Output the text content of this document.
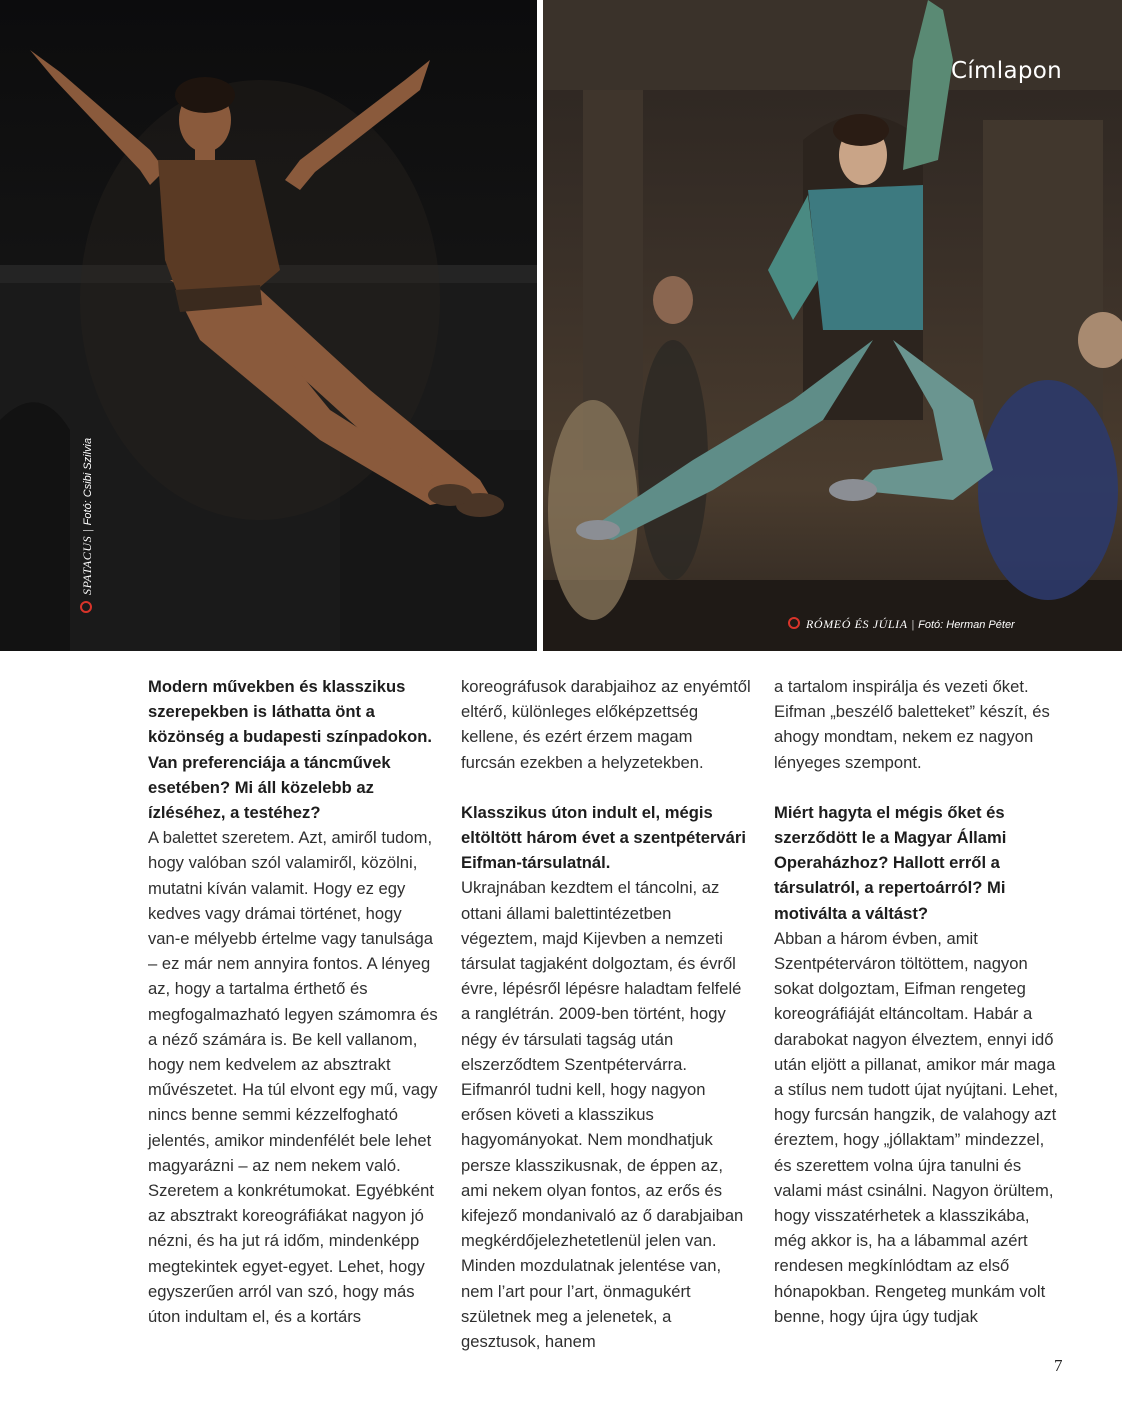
SPATACUS|Fotó: Csibi Szilvia
Címlapon
RÓMEÓ ÉS JÚLIA | Fotó: Herman Péter

Modern művekben és klasszikus szerepekben is láthatta önt a közönség a budapesti színpadokon. Van preferenciája a táncművek esetében? Mi áll közelebb az ízléséhez, a testéhez?

A balettet szeretem. Azt, amiről tudom, hogy valóban szól valamiről, közölni, mutatni kíván valamit. Hogy ez egy kedves vagy drámai történet, hogy van-e mélyebb értelme vagy tanulsága – ez már nem annyira fontos. A lényeg az, hogy a tartalma érthető és megfogalmazható legyen számomra és a néző számára is. Be kell vallanom, hogy nem kedvelem az absztrakt művészetet. Ha túl elvont egy mű, vagy nincs benne semmi kézzelfogható jelentés, amikor mindenfélét bele lehet magyarázni – az nem nekem való. Szeretem a konkrétumokat. Egyébként az absztrakt koreográfiákat nagyon jó nézni, és ha jut rá időm, mindenképp megtekintek egyet-egyet. Lehet, hogy egyszerűen arról van szó, hogy más úton indultam el, és a kortárs

koreográfusok darabjaihoz az enyémtől eltérő, különleges előképzettség kellene, és ezért érzem magam furcsán ezekben a helyzetekben.

Klasszikus úton indult el, mégis eltöltött három évet a szentpétervári Eifman-társulatnál.

Ukrajnában kezdtem el táncolni, az ottani állami balettintézetben végeztem, majd Kijevben a nemzeti társulat tagjaként dolgoztam, és évről évre, lépésről lépésre haladtam felfelé a ranglétrán. 2009-ben történt, hogy négy év társulati tagság után elszerződtem Szentpétervárra. Eifmanról tudni kell, hogy nagyon erősen követi a klasszikus hagyományokat. Nem mondhatjuk persze klasszikusnak, de éppen az, ami nekem olyan fontos, az erős és kifejező mondanivaló az ő darabjaiban megkérdőjelezhetetlenül jelen van. Minden mozdulatnak jelentése van, nem l’art pour l’art, önmagukért születnek meg a jelenetek, a gesztusok, hanem

a tartalom inspirálja és vezeti őket. Eifman „beszélő baletteket” készít, és ahogy mondtam, nekem ez nagyon lényeges szempont.

Miért hagyta el mégis őket és szerződött le a Magyar Állami Operaházhoz? Hallott erről a társulatról, a repertoárról? Mi motiválta a váltást?

Abban a három évben, amit Szentpéterváron töltöttem, nagyon sokat dolgoztam, Eifman rengeteg koreográfiáját eltáncoltam. Habár a darabokat nagyon élveztem, ennyi idő után eljött a pillanat, amikor már maga a stílus nem tudott újat nyújtani. Lehet, hogy furcsán hangzik, de valahogy azt éreztem, hogy „jóllaktam” mindezzel, és szerettem volna újra tanulni és valami mást csinálni. Nagyon örültem, hogy visszatérhetek a klasszikába, még akkor is, ha a lábammal azért rendesen megkínlódtam az első hónapokban. Rengeteg munkám volt benne, hogy újra úgy tudjak

7
